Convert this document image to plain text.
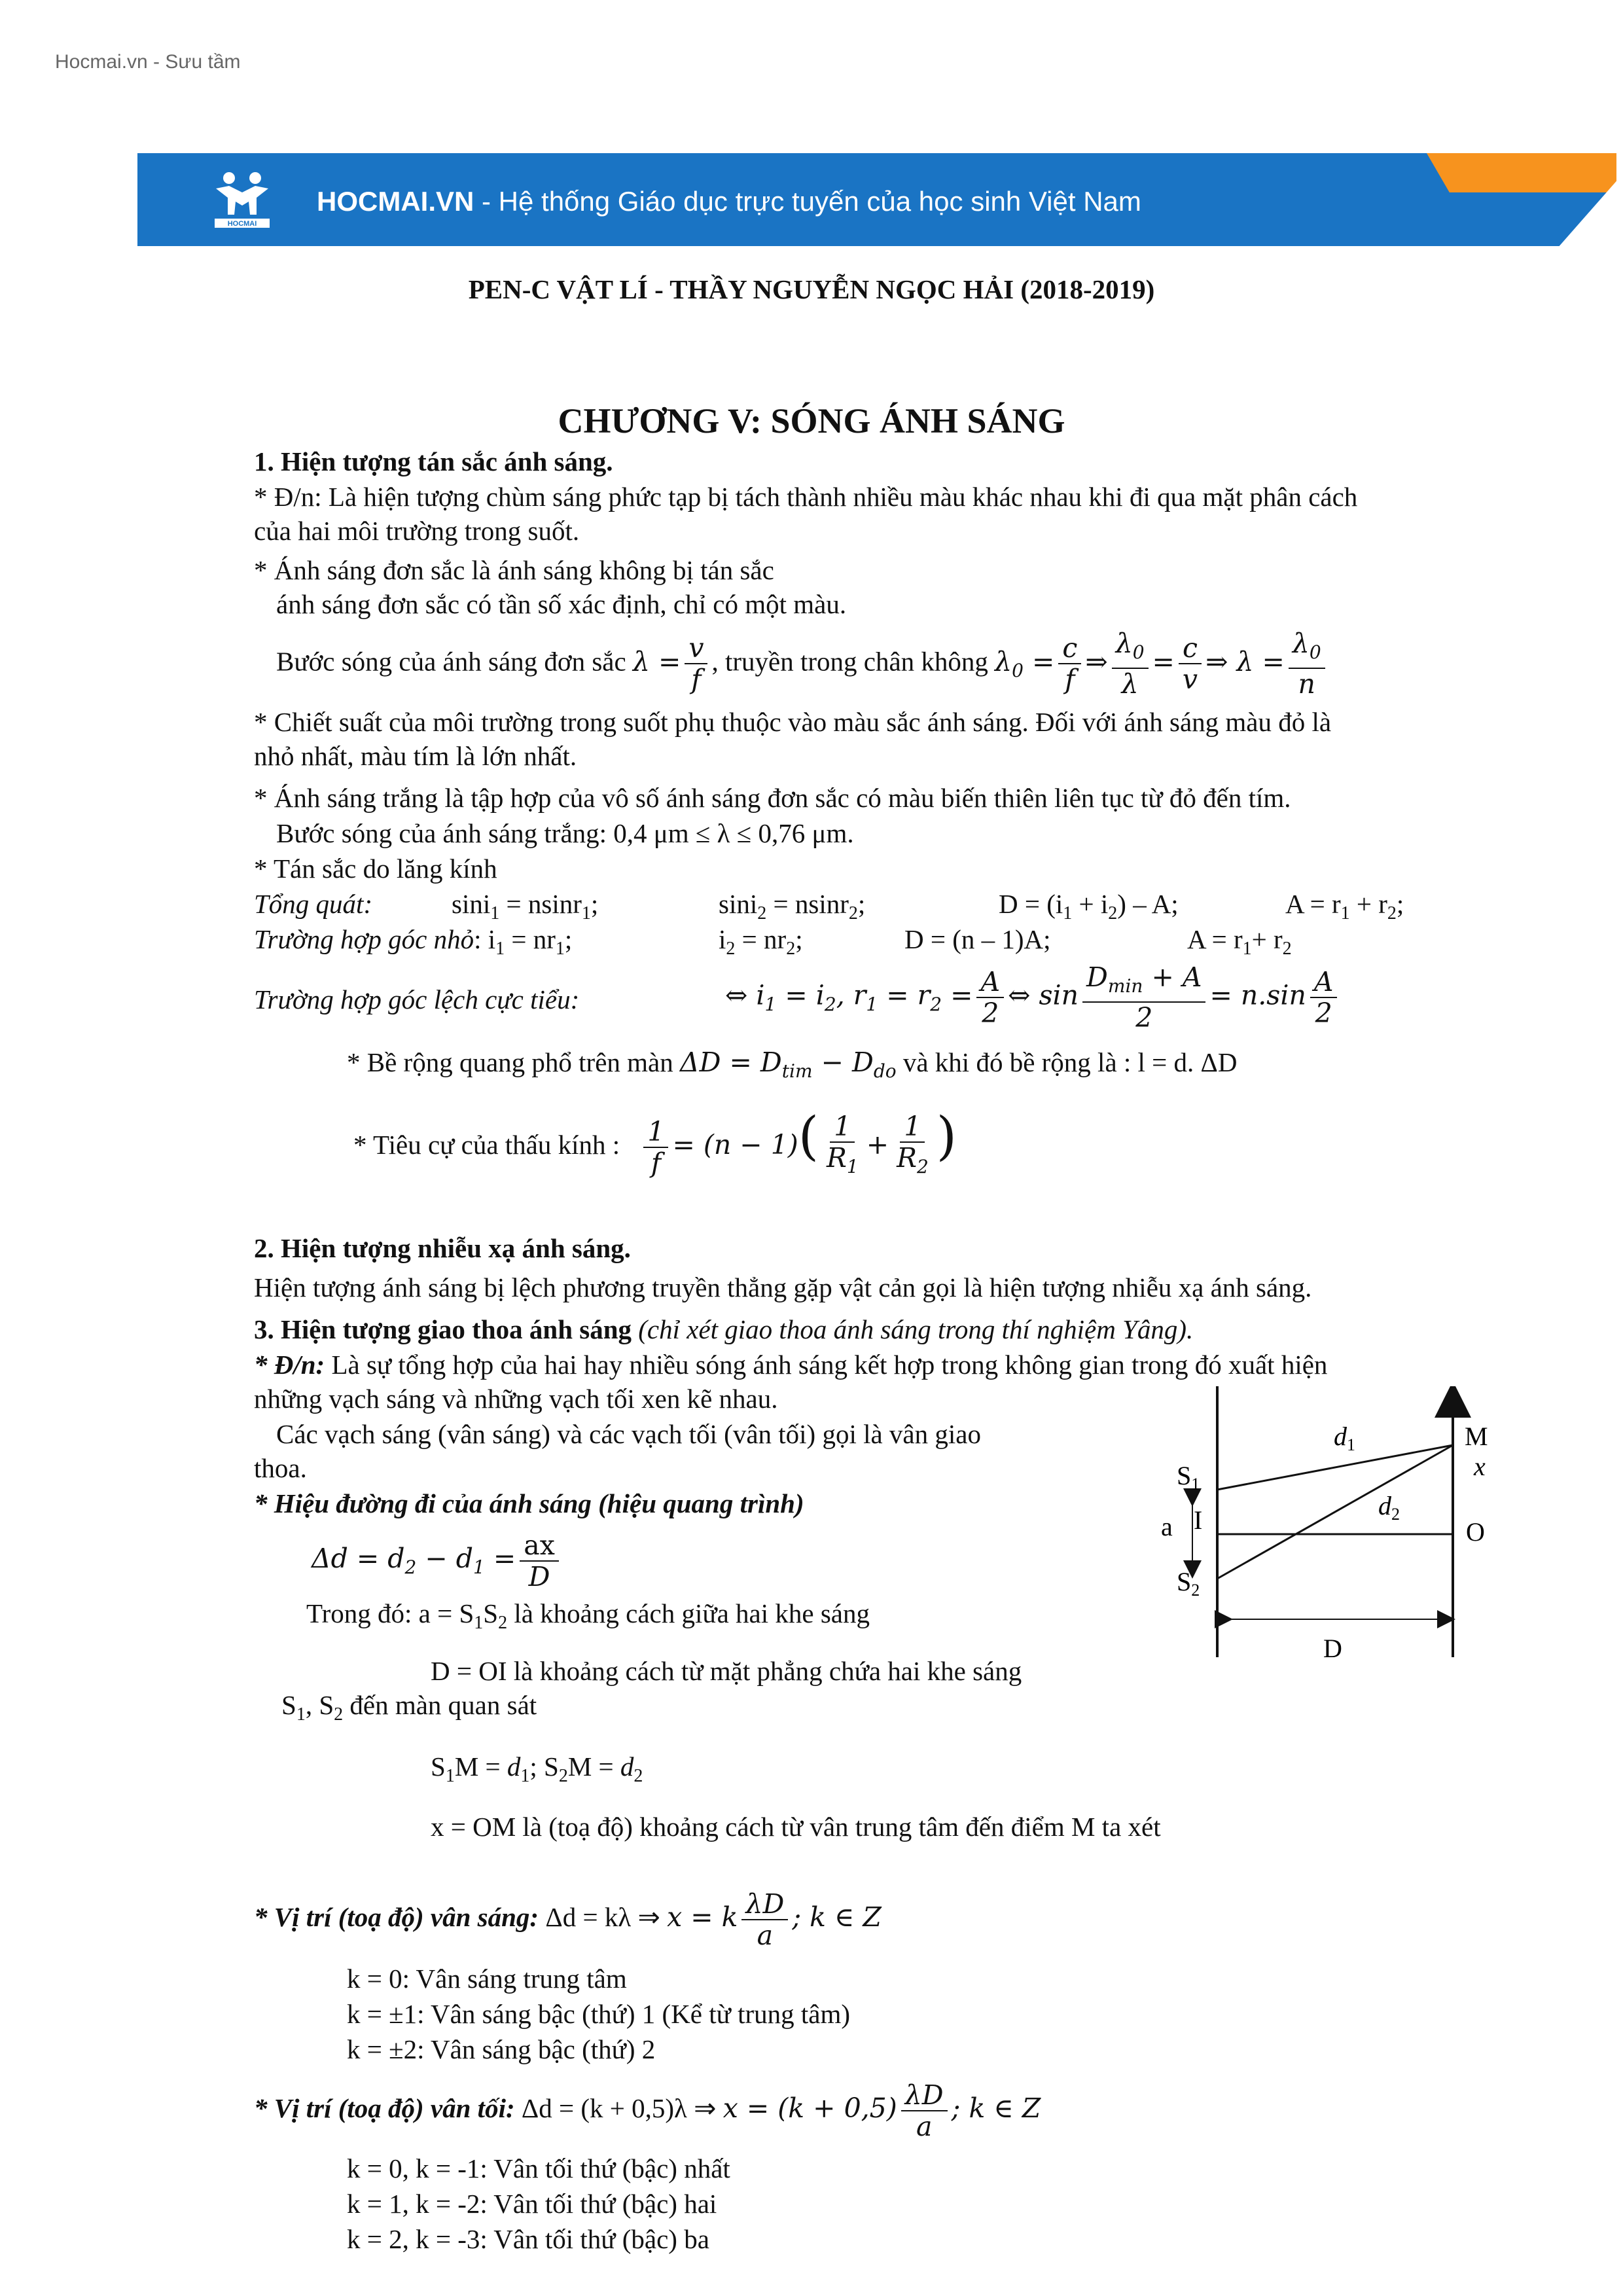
Hocmai.vn - Sưu tầm
HOCMAI
HOCMAI.VN - Hệ thống Giáo dục trực tuyến của học sinh Việt Nam
PEN-C VẬT LÍ - THẦY NGUYỄN NGỌC HẢI (2018-2019)
CHƯƠNG V: SÓNG ÁNH SÁNG
1. Hiện tượng tán sắc ánh sáng.
* Đ/n: Là hiện tượng chùm sáng phức tạp bị tách thành nhiều màu khác nhau khi đi qua mặt phân cách
của hai môi trường trong suốt.
* Ánh sáng đơn sắc là ánh sáng không bị tán sắc
ánh sáng đơn sắc có tần số xác định, chỉ có một màu.
Bước sóng của ánh sáng đơn sắc $\lambda = \frac{v}{f}$ , truyền trong chân không $\lambda_0 = \frac{c}{f}$ ⇒ $\frac{\lambda_0}{\lambda} = \frac{c}{v}$ ⇒ $\lambda = \frac{\lambda_0}{n}$
* Chiết suất của môi trường trong suốt phụ thuộc vào màu sắc ánh sáng. Đối với ánh sáng màu đỏ là
nhỏ nhất, màu tím là lớn nhất.
* Ánh sáng trắng là tập hợp của vô số ánh sáng đơn sắc có màu biến thiên liên tục từ đỏ đến tím.
Bước sóng của ánh sáng trắng: 0,4 μm ≤ λ ≤ 0,76 μm.
* Tán sắc do lăng kính
Tổng quát:	sini$_1$ = nsinr$_1$;	sini$_2$ = nsinr$_2$;	$D = (i_1 + i_2) - A$;	$A = r_1 + r_2$;
Trường hợp góc nhỏ: $i_1 = nr_1$;	$i_2 = nr_2$;	D = (n – 1)A;	$A = r_1+ r_2$
Trường hợp góc lệch cực tiểu:	⇔ $i_1 = i_2$, $r_1 = r_2 = \frac{A}{2}$ ⇔ $\sin \frac{D_{min} + A}{2} = n.\sin \frac{A}{2}$
* Bề rộng quang phổ trên màn $\Delta D = D_{tim} - D_{do}$ và khi đó bề rộng là : l = d. ΔD
* Tiêu cự của thấu kính : $\frac{1}{f} = (n - 1)( \frac{1}{R_1} + \frac{1}{R_2}$ )
2. Hiện tượng nhiễu xạ ánh sáng.
Hiện tượng ánh sáng bị lệch phương truyền thẳng gặp vật cản gọi là hiện tượng nhiễu xạ ánh sáng.
3. Hiện tượng giao thoa ánh sáng (chỉ xét giao thoa ánh sáng trong thí nghiệm Yâng).
* Đ/n: Là sự tổng hợp của hai hay nhiều sóng ánh sáng kết hợp trong không gian trong đó xuất hiện
những vạch sáng và những vạch tối xen kẽ nhau.
Các vạch sáng (vân sáng) và các vạch tối (vân tối) gọi là vân giao
thoa.
* Hiệu đường đi của ánh sáng (hiệu quang trình)
$\Delta d = d_2 - d_1 = \frac{ax}{D}$
Trong đó: $a = S_1S_2$ là khoảng cách giữa hai khe sáng
D = OI là khoảng cách từ mặt phẳng chứa hai khe sáng
$S_1$, $S_2$ đến màn quan sát
$S_1M = d_1$; $S_2M = d_2$
x = OM là (toạ độ) khoảng cách từ vân trung tâm đến điểm M ta xét
* Vị trí (toạ độ) vân sáng: Δd = kλ ⇒ x = k $\frac{\lambda D}{a}$ ; k ∈ Z
k = 0: Vân sáng trung tâm
k = ±1: Vân sáng bậc (thứ) 1 (Kể từ trung tâm)
k = ±2: Vân sáng bậc (thứ) 2
* Vị trí (toạ độ) vân tối: Δd = (k + 0,5)λ ⇒ $x = (k + 0,5) \frac{\lambda D}{a}$ ; k ∈ Z
k = 0, k = -1: Vân tối thứ (bậc) nhất
k = 1, k = -2: Vân tối thứ (bậc) hai
k = 2, k = -3: Vân tối thứ (bậc) ba
$S_1$
$S_2$
I
a
M
x
O
D
$d_1$
$d_2$
